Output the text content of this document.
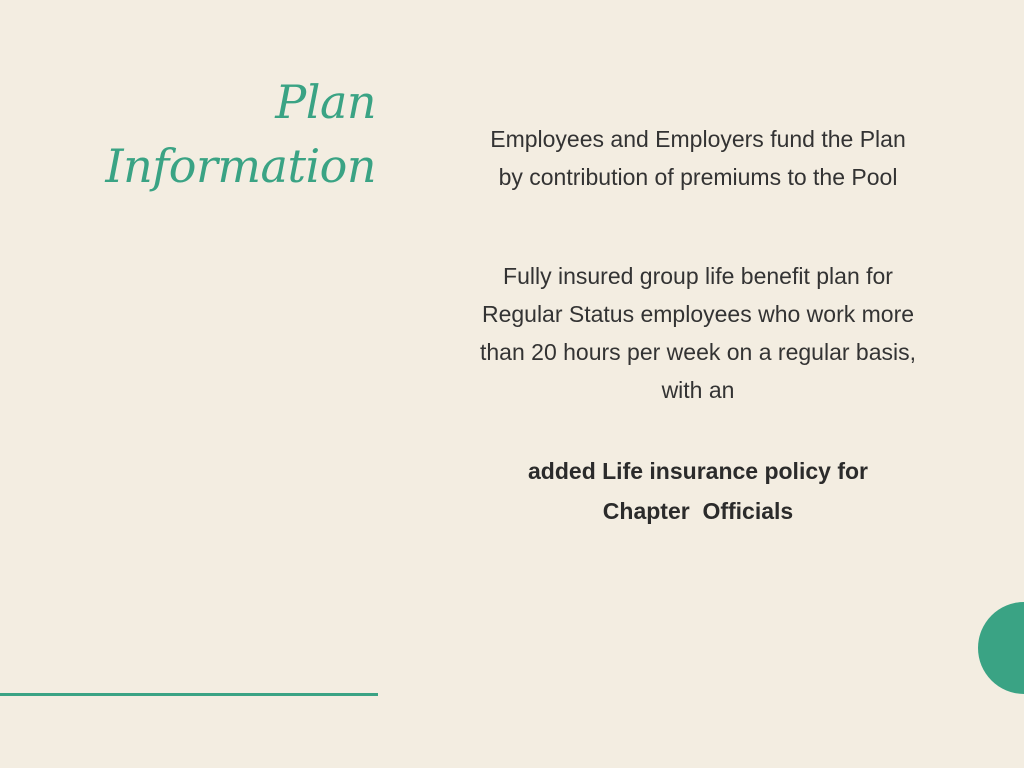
Plan
Information	Employees and Employers fund the Plan
by contribution of premiums to the Pool
Fully insured group life benefit plan for
Regular Status employees who work more
than 20 hours per week on a regular basis,
with an
added Life insurance policy for
Chapter  Officials
